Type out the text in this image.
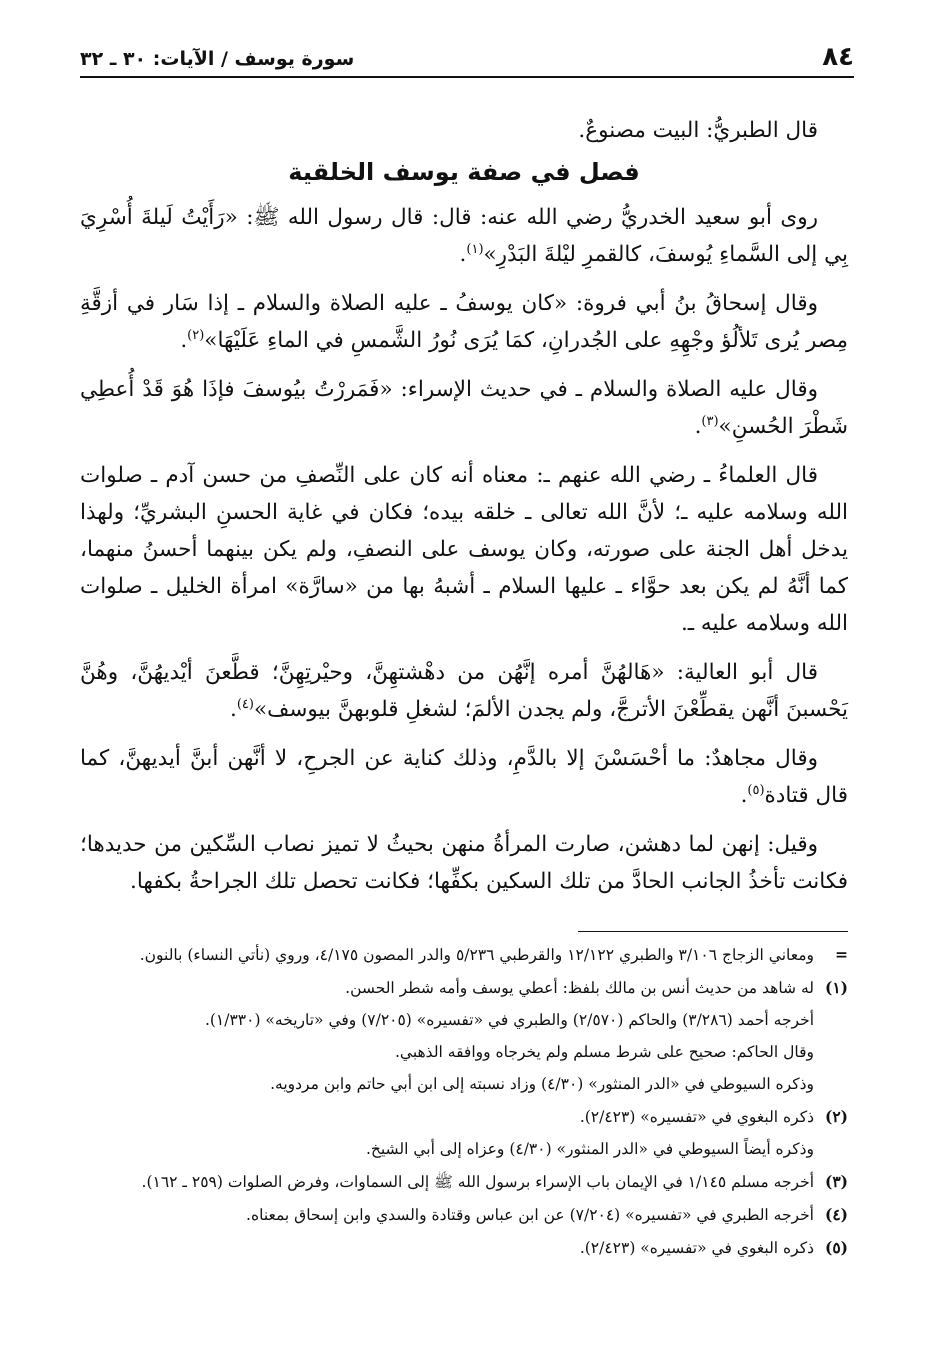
٨٤
سورة يوسف / الآيات: ٣٠ ـ ٣٢

قال الطبريُّ: البيت مصنوعٌ.

فصل في صفة يوسف الخلقية

روى أبو سعيد الخدريُّ رضي الله عنه: قال: قال رسول الله ﷺ: «رَأَيْتُ لَيلةَ أُسْرِيَ بِي إلى السَّماءِ يُوسفَ، كالقمرِ ليْلةَ البَدْرِ»$^{(١)}$.

وقال إسحاقُ بنُ أبي فروة: «كان يوسفُ ـ عليه الصلاة والسلام ـ إذا سَار في أزقَّةِ مِصر يُرى تَلألُؤ وجْهِهِ على الجُدرانِ، كمَا يُرَى نُورُ الشَّمسِ في الماءِ عَلَيْهَا»$^{(٢)}$.

وقال عليه الصلاة والسلام ـ في حديث الإسراء: «فَمَررْتُ بيُوسفَ فإذَا هُوَ قَدْ أُعطِي شَطْرَ الحُسنِ»$^{(٣)}$.

قال العلماءُ ـ رضي الله عنهم ـ: معناه أنه كان على النِّصفِ من حسن آدم ـ صلوات الله وسلامه عليه ـ؛ لأنَّ الله تعالى ـ خلقه بيده؛ فكان في غاية الحسنِ البشريِّ؛ ولهذا يدخل أهل الجنة على صورته، وكان يوسف على النصفِ، ولم يكن بينهما أحسنُ منهما، كما أنَّهُ لم يكن بعد حوَّاء ـ عليها السلام ـ أشبهُ بها من «سارَّة» امرأة الخليل ـ صلوات الله وسلامه عليه ـ.

قال أبو العالية: «هَالهُنَّ أمره إنَّهُن من دهْشتهِنَّ، وحيْرتِهِنَّ؛ قطَّعنَ أيْديهُنَّ، وهُنَّ يَحْسبنَ أنَّهن يقطِّعْنَ الأترجَّ، ولم يجدن الألمَ؛ لشغلِ قلوبهنَّ بيوسف»$^{(٤)}$.

وقال مجاهدٌ: ما أحْسَسْنَ إلا بالدَّمِ، وذلك كناية عن الجرحِ، لا أنَّهن أبنَّ أيديهنَّ، كما قال قتادة$^{(٥)}$.

وقيل: إنهن لما دهشن، صارت المرأةُ منهن بحيثُ لا تميز نصاب السِّكين من حديدها؛ فكانت تأخذُ الجانب الحادَّ من تلك السكين بكفِّها؛ فكانت تحصل تلك الجراحةُ بكفها.

=ومعاني الزجاج ٣/١٠٦ والطبري ١٢/١٢٢ والقرطبي ٥/٢٣٦ والدر المصون ٤/١٧٥، وروي (نأتي النساء) بالنون.
(١)له شاهد من حديث أنس بن مالك بلفظ: أعطي يوسف وأمه شطر الحسن.
أخرجه أحمد (٣/٢٨٦) والحاكم (٢/٥٧٠) والطبري في «تفسيره» (٧/٢٠٥) وفي «تاريخه» (١/٣٣٠).
وقال الحاكم: صحيح على شرط مسلم ولم يخرجاه ووافقه الذهبي.
وذكره السيوطي في «الدر المنثور» (٤/٣٠) وزاد نسبته إلى ابن أبي حاتم وابن مردويه.
(٢)ذكره البغوي في «تفسيره» (٢/٤٢٣).
وذكره أيضاً السيوطي في «الدر المنثور» (٤/٣٠) وعزاه إلى أبي الشيخ.
(٣)أخرجه مسلم ١/١٤٥ في الإيمان باب الإسراء برسول الله ﷺ إلى السماوات، وفرض الصلوات (٢٥٩ ـ ١٦٢).
(٤)أخرجه الطبري في «تفسيره» (٧/٢٠٤) عن ابن عباس وقتادة والسدي وابن إسحاق بمعناه.
(٥)ذكره البغوي في «تفسيره» (٢/٤٢٣).
